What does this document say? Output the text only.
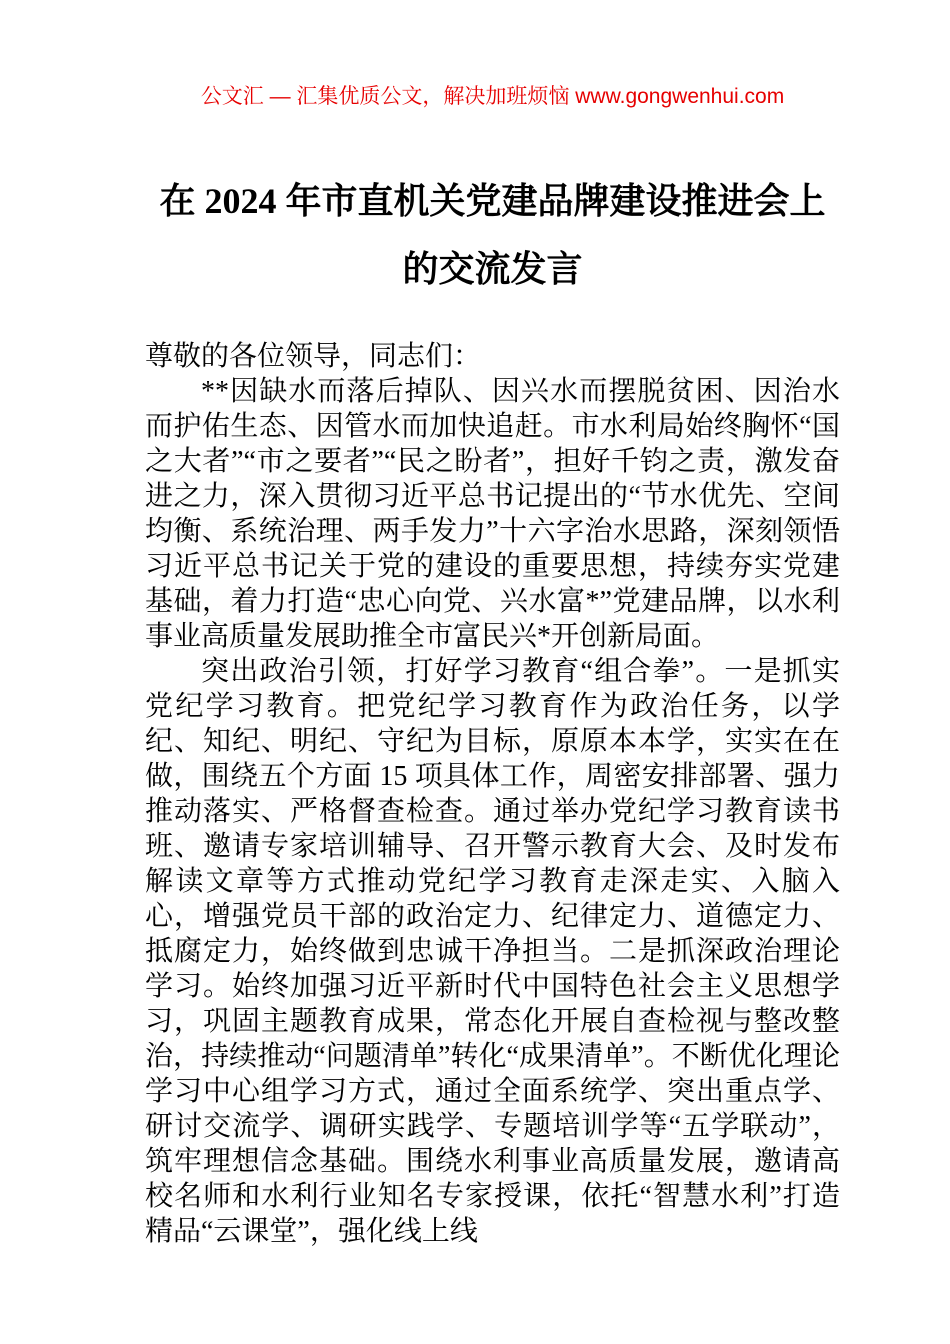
公文汇 — 汇集优质公文，解决加班烦恼 www.gongwenhui.com
在 2024 年市直机关党建品牌建设推进会上
的交流发言

尊敬的各位领导，同志们：

**因缺水而落后掉队、因兴水而摆脱贫困、因治水而护佑生态、因管水而加快追赶。市水利局始终胸怀“国之大者”“市之要者”“民之盼者”，担好千钧之责，激发奋进之力，深入贯彻习近平总书记提出的“节水优先、空间均衡、系统治理、两手发力”十六字治水思路，深刻领悟习近平总书记关于党的建设的重要思想，持续夯实党建基础，着力打造“忠心向党、兴水富*”党建品牌，以水利事业高质量发展助推全市富民兴*开创新局面。

突出政治引领，打好学习教育“组合拳”。一是抓实党纪学习教育。把党纪学习教育作为政治任务，以学纪、知纪、明纪、守纪为目标，原原本本学，实实在在做，围绕五个方面 15 项具体工作，周密安排部署、强力推动落实、严格督查检查。通过举办党纪学习教育读书班、邀请专家培训辅导、召开警示教育大会、及时发布解读文章等方式推动党纪学习教育走深走实、入脑入心，增强党员干部的政治定力、纪律定力、道德定力、抵腐定力，始终做到忠诚干净担当。二是抓深政治理论学习。始终加强习近平新时代中国特色社会主义思想学习，巩固主题教育成果，常态化开展自查检视与整改整治，持续推动“问题清单”转化“成果清单”。不断优化理论学习中心组学习方式，通过全面系统学、突出重点学、研讨交流学、调研实践学、专题培训学等“五学联动”，筑牢理想信念基础。围绕水利事业高质量发展，邀请高校名师和水利行业知名专家授课，依托“智慧水利”打造精品“云课堂”，强化线上线
